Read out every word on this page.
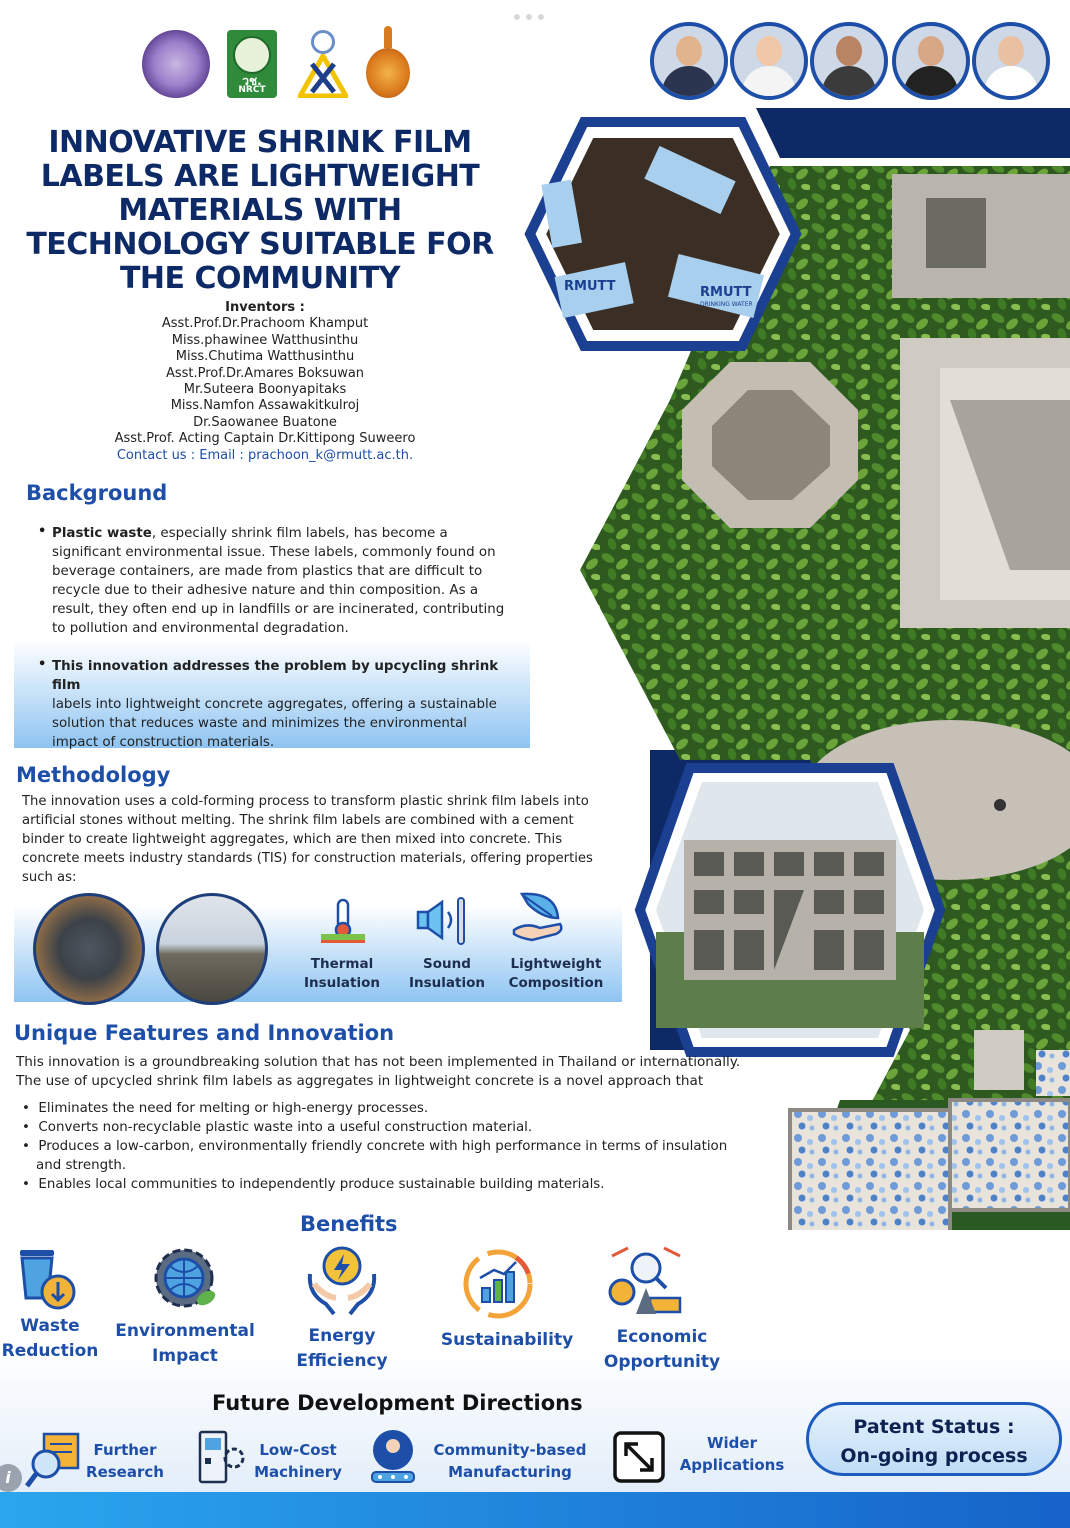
วช.
NRCT
RMUTT	RMUTT
DRINKING WATER
INNOVATIVE SHRINK FILM LABELS ARE LIGHTWEIGHT MATERIALS WITH TECHNOLOGY SUITABLE FOR THE COMMUNITY
Inventors :
Asst.Prof.Dr.Prachoom Khamput
Miss.phawinee Watthusinthu
Miss.Chutima Watthusinthu
Asst.Prof.Dr.Amares Boksuwan
Mr.Suteera Boonyapitaks
Miss.Namfon Assawakitkulroj
Dr.Saowanee Buatone
Asst.Prof. Acting Captain Dr.Kittipong Suweero
Contact us : Email : prachoon_k@rmutt.ac.th.
Background
• Plastic waste, especially shrink film labels, has become a
significant environmental issue. These labels, commonly found on
beverage containers, are made from plastics that are difficult to
recycle due to their adhesive nature and thin composition. As a
result, they often end up in landfills or are incinerated, contributing
to pollution and environmental degradation.
• This innovation addresses the problem by upcycling shrink film
labels into lightweight concrete aggregates, offering a sustainable
solution that reduces waste and minimizes the environmental
impact of construction materials.
Methodology
The innovation uses a cold-forming process to transform plastic shrink film labels into
artificial stones without melting. The shrink film labels are combined with a cement
binder to create lightweight aggregates, which are then mixed into concrete. This
concrete meets industry standards (TIS) for construction materials, offering properties
such as:
Thermal
Insulation
Sound
Insulation
Lightweight
Composition
Unique Features and Innovation
This innovation is a groundbreaking solution that has not been implemented in Thailand or internationally.
The use of upcycled shrink film labels as aggregates in lightweight concrete is a novel approach that
•  Eliminates the need for melting or high-energy processes.
•  Converts non-recyclable plastic waste into a useful construction material.
•  Produces a low-carbon, environmentally friendly concrete with high performance in terms of insulation
and strength.
•  Enables local communities to independently produce sustainable building materials.
Benefits
Waste
Reduction
Environmental
Impact
Energy
Efficiency
Sustainability	Economic
Opportunity
Future Development Directions
Further
Research
Low-Cost
Machinery
Community-based
Manufacturing
Wider
Applications
Patent Status :
On-going process
i
